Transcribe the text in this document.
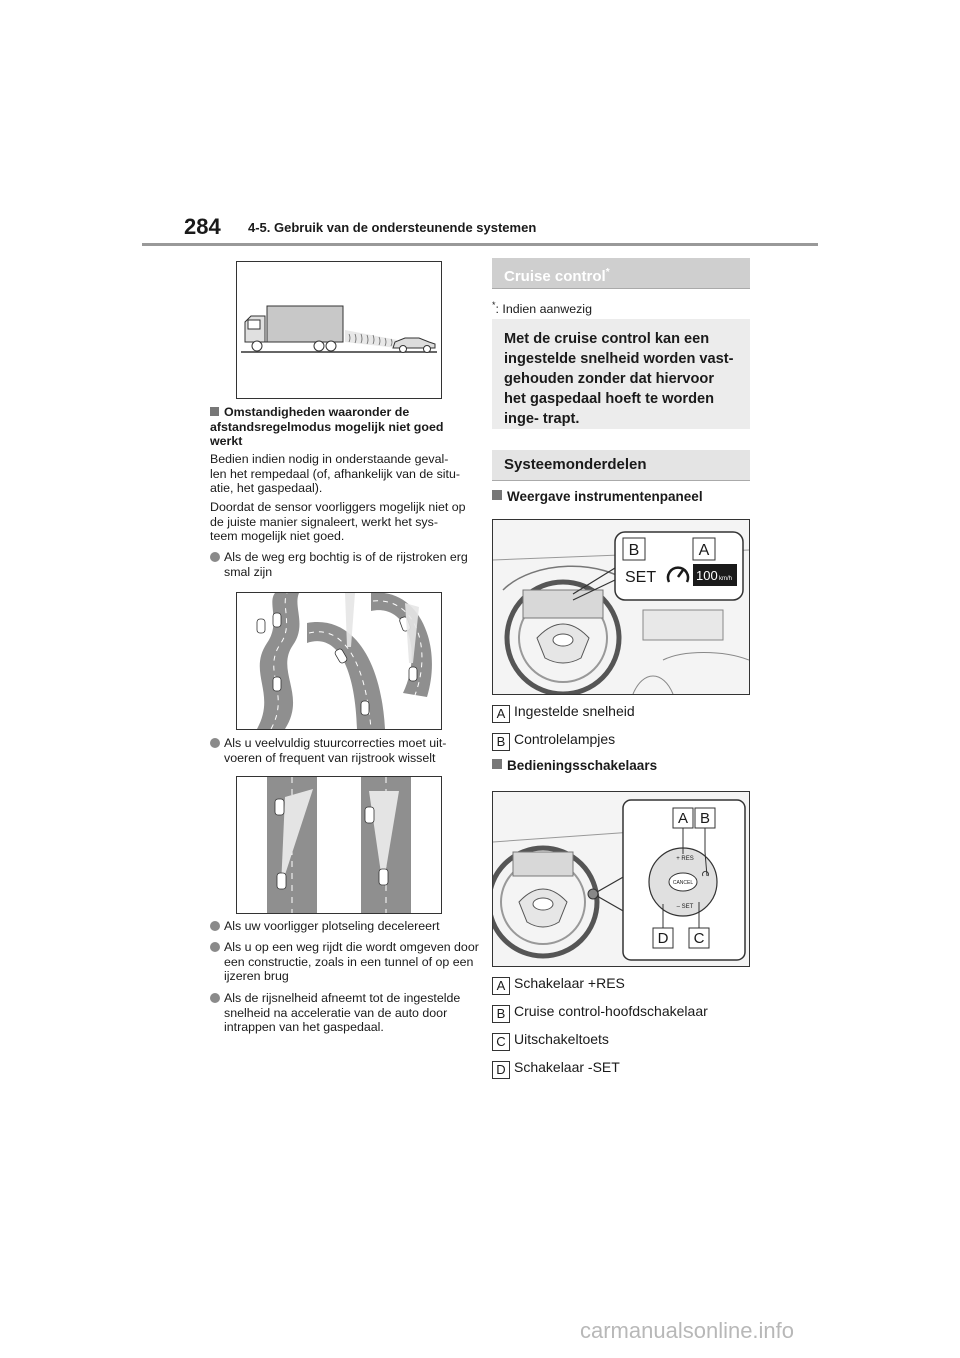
284 4-5. Gebruik van de ondersteunende systemen
Omstandigheden waaronder de afstandsregelmodus mogelijk niet goed werkt
Bedien indien nodig in onderstaande geval- len het rempedaal (of, afhankelijk van de situ- atie, het gaspedaal).
Doordat de sensor voorliggers mogelijk niet op de juiste manier signaleert, werkt het sys- teem mogelijk niet goed.
Als de weg erg bochtig is of de rijstroken erg smal zijn
Als u veelvuldig stuurcorrecties moet uit- voeren of frequent van rijstrook wisselt
Als uw voorligger plotseling decelereert
Als u op een weg rijdt die wordt omgeven door een constructie, zoals in een tunnel of op een ijzeren brug
Als de rijsnelheid afneemt tot de ingestelde snelheid na acceleratie van de auto door intrappen van het gaspedaal.
Cruise control*
*: Indien aanwezig
Met de cruise control kan een ingestelde snelheid worden vast- gehouden zonder dat hiervoor het gaspedaal hoeft te worden inge- trapt.
Systeemonderdelen
Weergave instrumentenpaneel
B	A
SET	100 km/h
A Ingestelde snelheid
B Controlelampjes
Bedieningsschakelaars
A B
D C
+ RES
CANCEL
– SET
A Schakelaar +RES
B Cruise control-hoofdschakelaar
C Uitschakeltoets
D Schakelaar -SET
carmanualsonline.info
